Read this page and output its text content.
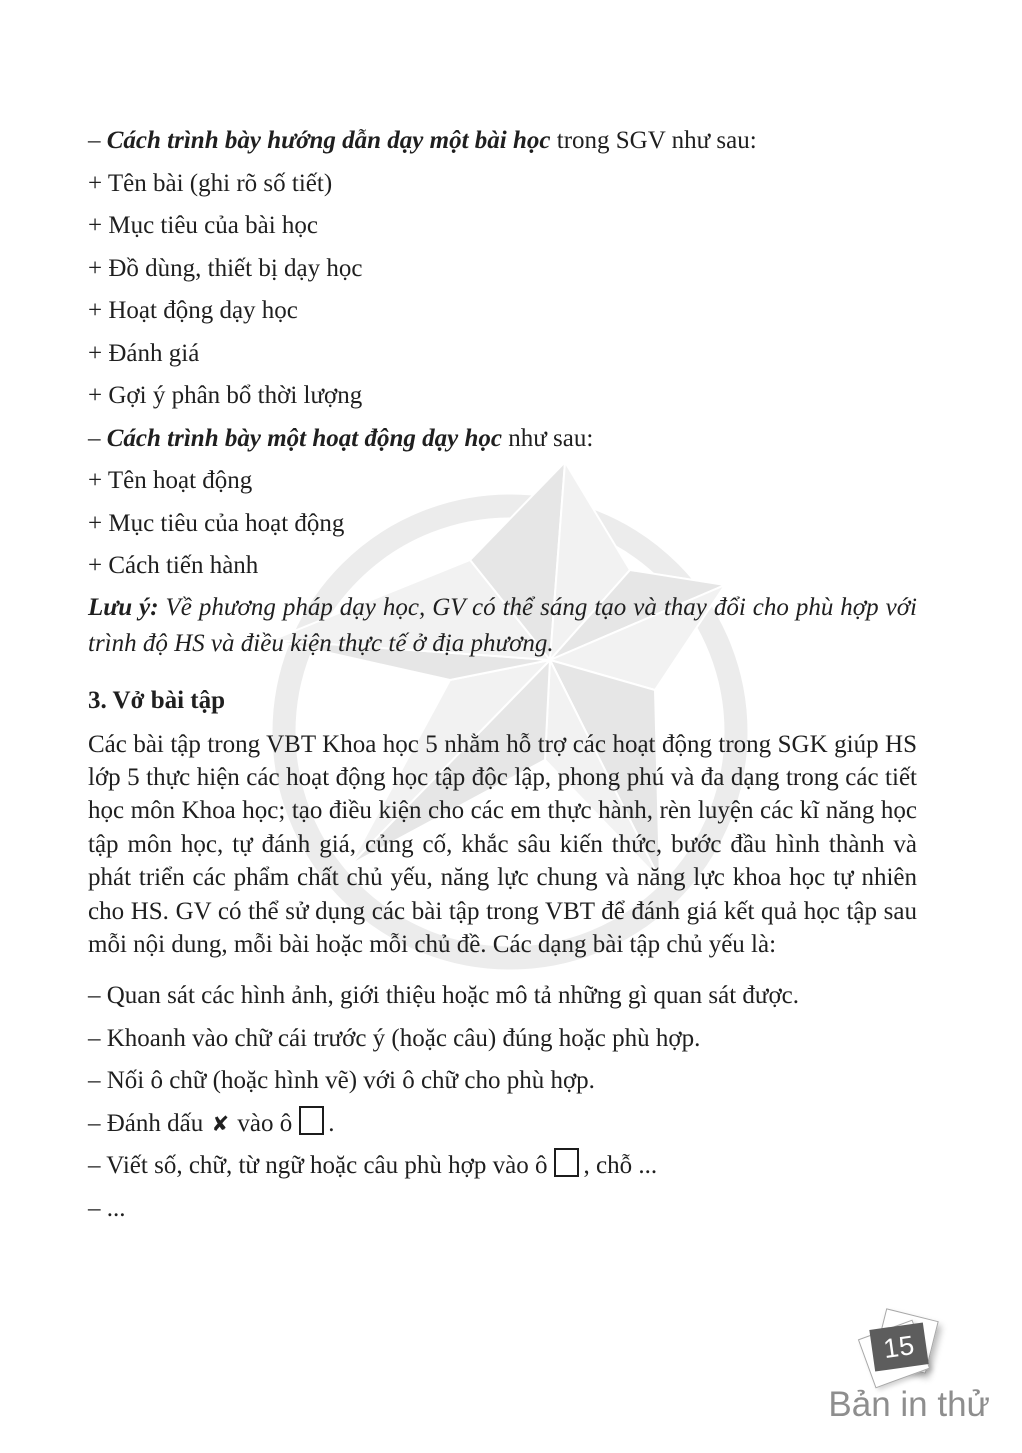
– Cách trình bày hướng dẫn dạy một bài học trong SGV như sau:

+ Tên bài (ghi rõ số tiết)

+ Mục tiêu của bài học

+ Đồ dùng, thiết bị dạy học

+ Hoạt động dạy học

+ Đánh giá

+ Gợi ý phân bổ thời lượng

– Cách trình bày một hoạt động dạy học như sau:

+ Tên hoạt động

+ Mục tiêu của hoạt động

+ Cách tiến hành

Lưu ý: Về phương pháp dạy học, GV có thể sáng tạo và thay đổi cho phù hợp với trình độ HS và điều kiện thực tế ở địa phương.

3. Vở bài tập

Các bài tập trong VBT Khoa học 5 nhằm hỗ trợ các hoạt động trong SGK giúp HS lớp 5 thực hiện các hoạt động học tập độc lập, phong phú và đa dạng trong các tiết học môn Khoa học; tạo điều kiện cho các em thực hành, rèn luyện các kĩ năng học tập môn học, tự đánh giá, củng cố, khắc sâu kiến thức, bước đầu hình thành và phát triển các phẩm chất chủ yếu, năng lực chung và năng lực khoa học tự nhiên cho HS. GV có thể sử dụng các bài tập trong VBT để đánh giá kết quả học tập sau mỗi nội dung, mỗi bài hoặc mỗi chủ đề. Các dạng bài tập chủ yếu là:

– Quan sát các hình ảnh, giới thiệu hoặc mô tả những gì quan sát được.

– Khoanh vào chữ cái trước ý (hoặc câu) đúng hoặc phù hợp.

– Nối ô chữ (hoặc hình vẽ) với ô chữ cho phù hợp.

– Đánh dấu ✘ vào ô .

– Viết số, chữ, từ ngữ hoặc câu phù hợp vào ô , chỗ ...

– ...

15
Bản in thử
